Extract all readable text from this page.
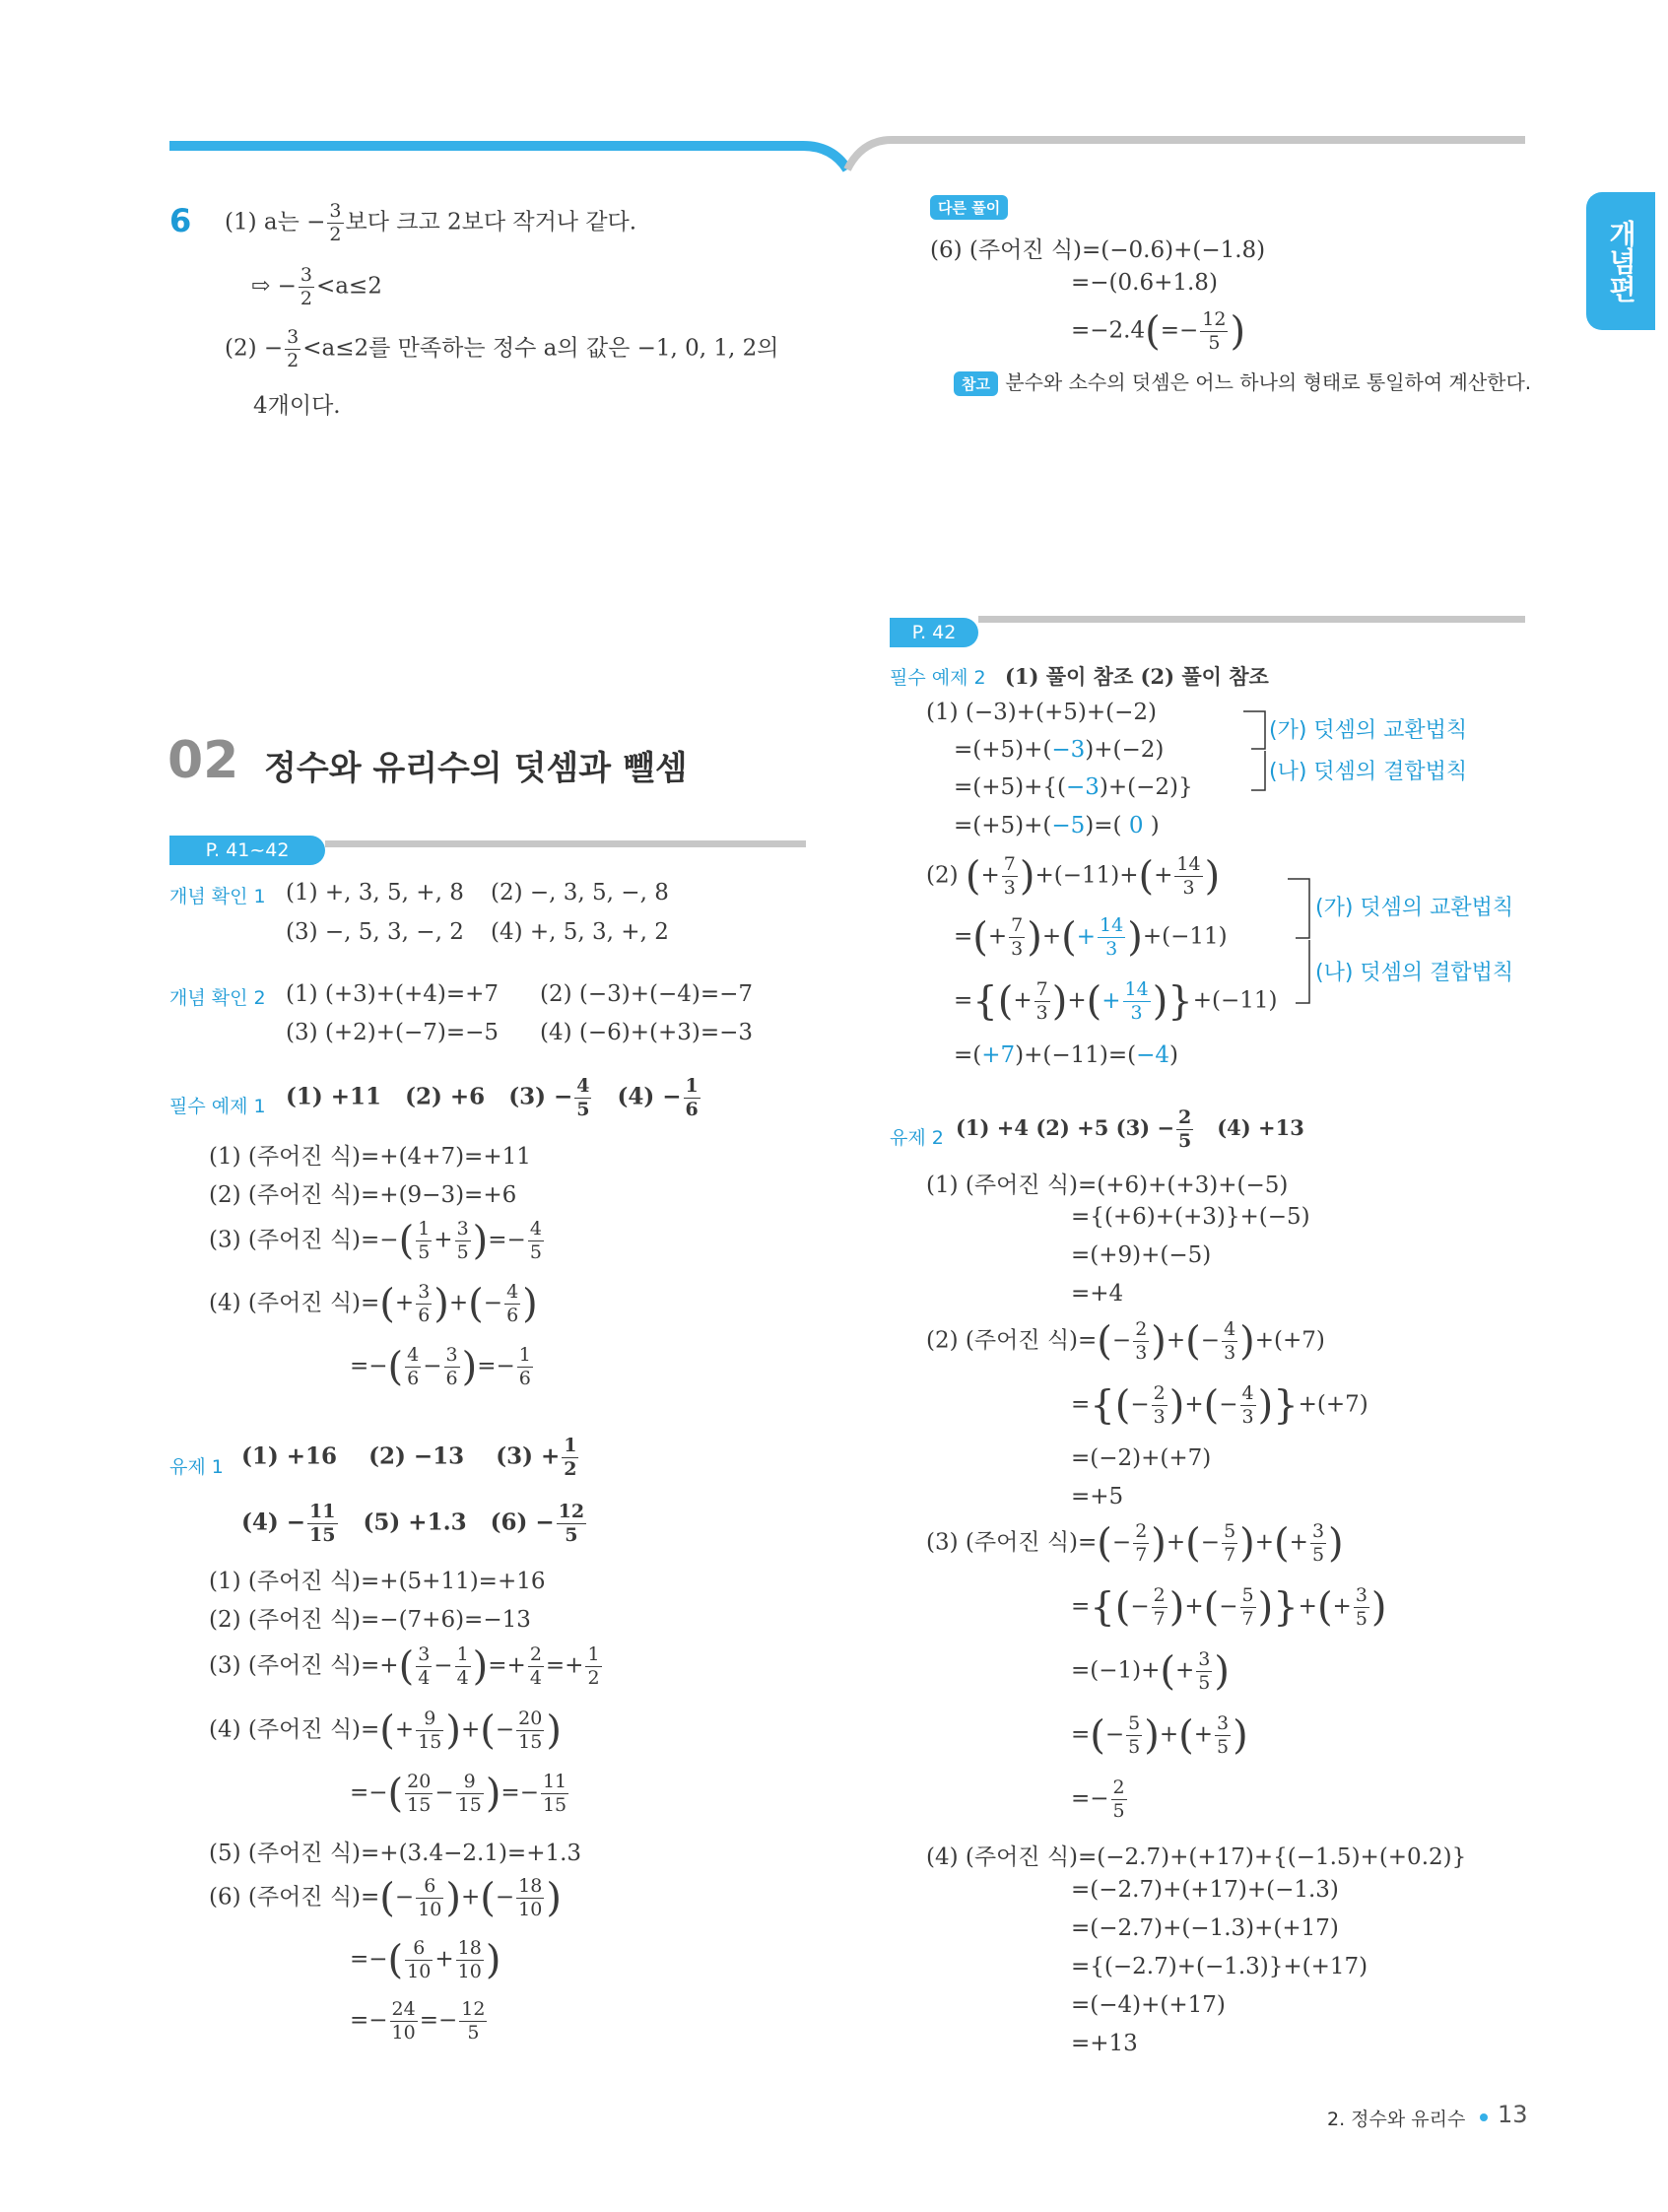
개념편
6 (1) a는 − $\frac{3}{2}$ 보다 크고 2보다 작거나 같다.
⇨ − $\frac{3}{2} <a\le 2$
$(2) - \frac{3}{2} <a\le 2$를 만족하는 정수 a의 값은 −1, 0, 1, 2의
4개이다.
02 정수와 유리수의 덧셈과 뺄셈
P. 41~42
개념 확인 1 (1) +, 3, 5, +, 8 (2) −, 3, 5, −, 8
(3) −, 5, 3, −, 2 (4) +, 5, 3, +, 2
개념 확인 2 (1) (+3)+(+4)=+7 (2) (−3)+(−4)=−7
(3) (+2)+(−7)=−5 (4) (−6)+(+3)=−3
필수 예제 1 (1) +11 (2) +6 $(3) - \frac{4}{5} (4) - \frac{1}{6}$
(1) (주어진 식)=+(4+7)=+11
(2) (주어진 식)=+(9−3)=+6
(3) (주어진 식)=−( $\frac{1}{5} + \frac{3}{5}$ )=− $\frac{4}{5}$
(4) (주어진 식)=(+ $\frac{3}{6}$ )+(− $\frac{4}{6}$ )
=−( $\frac{4}{6} - \frac{3}{6}$ )=− $\frac{1}{6}$
유제 1 (1) +16 (2) −13 $(3) + \frac{1}{2}$
$(4) - \frac{11}{15} (5) +1.3$ $(6) - \frac{12}{5}$
(1) (주어진 식)=+(5+11)=+16
(2) (주어진 식)=−(7+6)=−13
(3) (주어진 식)=+( $\frac{3}{4} - \frac{1}{4}$ )=+ $\frac{2}{4} =+ \frac{1}{2}$
(4) (주어진 식)=(+ $\frac{9}{15}$ )+(− $\frac{20}{15}$ )
=−( $\frac{20}{15} - \frac{9}{15}$ )=− $\frac{11}{15}$
(5) (주어진 식)=+(3.4−2.1)=+1.3
(6) (주어진 식)=(− $\frac{6}{10}$ )+(− $\frac{18}{10}$ )
=−( $\frac{6}{10} + \frac{18}{10}$ )
=− $\frac{24}{10} =- \frac{12}{5}$
다른 풀이
(6) (주어진 식)=(−0.6)+(−1.8)
=−(0.6+1.8)
$=-2.4(=- \frac{12}{5}$ )
참고 분수와 소수의 덧셈은 어느 하나의 형태로 통일하여 계산한다.
P. 42
필수 예제 2 (1) 풀이 참조 (2) 풀이 참조
(1) (−3)+(+5)+(−2)
=(+5)+(−3)+(−2)
=(+5)+{(−3)+(−2)}
=(+5)+(−5)=( 0 )
(가) 덧셈의 교환법칙
(나) 덧셈의 결합법칙
(2) (+ $\frac{7}{3} )+(-11)+(+ \frac{14}{3}$ )
=(+ $\frac{7}{3}$ )+(+ $\frac{14}{3} )+(-11)$
={(+ $\frac{7}{3}$ )+(+ $\frac{14}{3} )\}+(-11)$
=(+7)+(−11)=(−4)
(가) 덧셈의 교환법칙
(나) 덧셈의 결합법칙
유제 2 (1) +4 (2) +5 $(3) - \frac{2}{5} (4) +13$
(1) (주어진 식)=(+6)+(+3)+(−5)
={(+6)+(+3)}+(−5)
=(+9)+(−5)
=+4
(2) (주어진 식)=(− $\frac{2}{3}$ )+(− $\frac{4}{3} )+(+7)$
={(− $\frac{2}{3}$ )+(− $\frac{4}{3} )\}+(+7)$
=(−2)+(+7)
=+5
(3) (주어진 식)=(− $\frac{2}{7}$ )+(− $\frac{5}{7}$ )+(+ $\frac{3}{5}$ )
={(− $\frac{2}{7}$ )+(− $\frac{5}{7}$ )}+(+ $\frac{3}{5}$ )
$=(-1)+(+ \frac{3}{5}$ )
=(− $\frac{5}{5}$ )+(+ $\frac{3}{5}$ )
=− $\frac{2}{5}$
(4) (주어진 식)=(−2.7)+(+17)+{(−1.5)+(+0.2)}
=(−2.7)+(+17)+(−1.3)
=(−2.7)+(−1.3)+(+17)
={(−2.7)+(−1.3)}+(+17)
=(−4)+(+17)
=+13
2. 정수와 유리수 13
